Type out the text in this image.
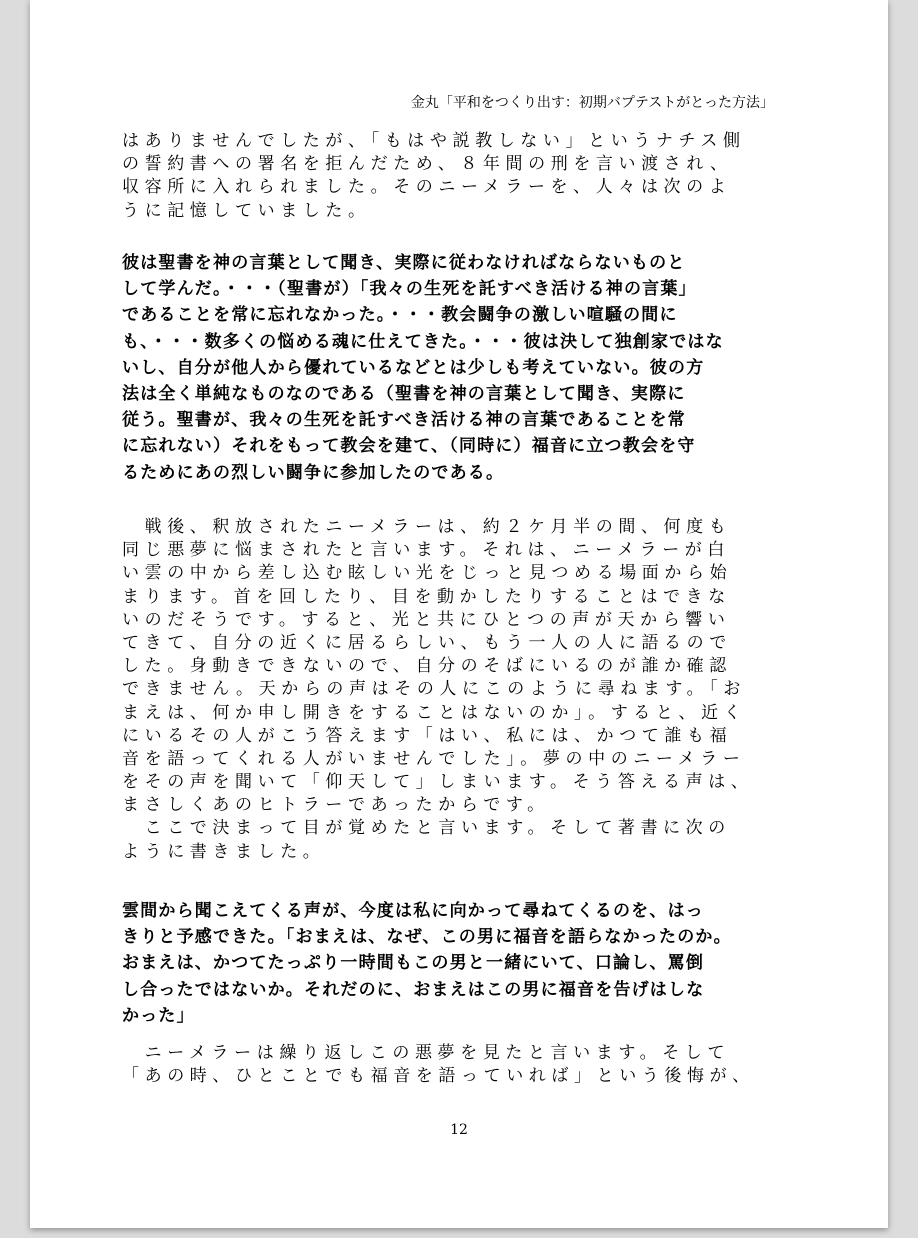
金丸「平和をつくり出す：初期バプテストがとった方法」
はありませんでしたが、「もはや説教しない」というナチス側
の誓約書への署名を拒んだため、８年間の刑を言い渡され、
収容所に入れられました。そのニーメラーを、人々は次のよ
うに記憶していました。
彼は聖書を神の言葉として聞き、実際に従わなければならないものと
して学んだ。・・・（聖書が）「我々の生死を託すべき活ける神の言葉」
であることを常に忘れなかった。・・・教会闘争の激しい喧騒の間に
も、・・・数多くの悩める魂に仕えてきた。・・・彼は決して独創家ではな
いし、自分が他人から優れているなどとは少しも考えていない。彼の方
法は全く単純なものなのである（聖書を神の言葉として聞き、実際に
従う。聖書が、我々の生死を託すべき活ける神の言葉であることを常
に忘れない）それをもって教会を建て、（同時に）福音に立つ教会を守
るためにあの烈しい闘争に参加したのである。
　戦後、釈放されたニーメラーは、約２ケ月半の間、何度も
同じ悪夢に悩まされたと言います。それは、ニーメラーが白
い雲の中から差し込む眩しい光をじっと見つめる場面から始
まります。首を回したり、目を動かしたりすることはできな
いのだそうです。すると、光と共にひとつの声が天から響い
てきて、自分の近くに居るらしい、もう一人の人に語るので
した。身動きできないので、自分のそばにいるのが誰か確認
できません。天からの声はその人にこのように尋ねます。「お
まえは、何か申し開きをすることはないのか」。すると、近く
にいるその人がこう答えます「はい、私には、かつて誰も福
音を語ってくれる人がいませんでした」。夢の中のニーメラー
をその声を聞いて「仰天して」しまいます。そう答える声は、
まさしくあのヒトラーであったからです。
　ここで決まって目が覚めたと言います。そして著書に次の
ように書きました。
雲間から聞こえてくる声が、今度は私に向かって尋ねてくるのを、はっ
きりと予感できた。「おまえは、なぜ、この男に福音を語らなかったのか。
おまえは、かつてたっぷり一時間もこの男と一緒にいて、口論し、罵倒
し合ったではないか。それだのに、おまえはこの男に福音を告げはしな
かった」
　ニーメラーは繰り返しこの悪夢を見たと言います。そして
「あの時、ひとことでも福音を語っていれば」という後悔が、
12
